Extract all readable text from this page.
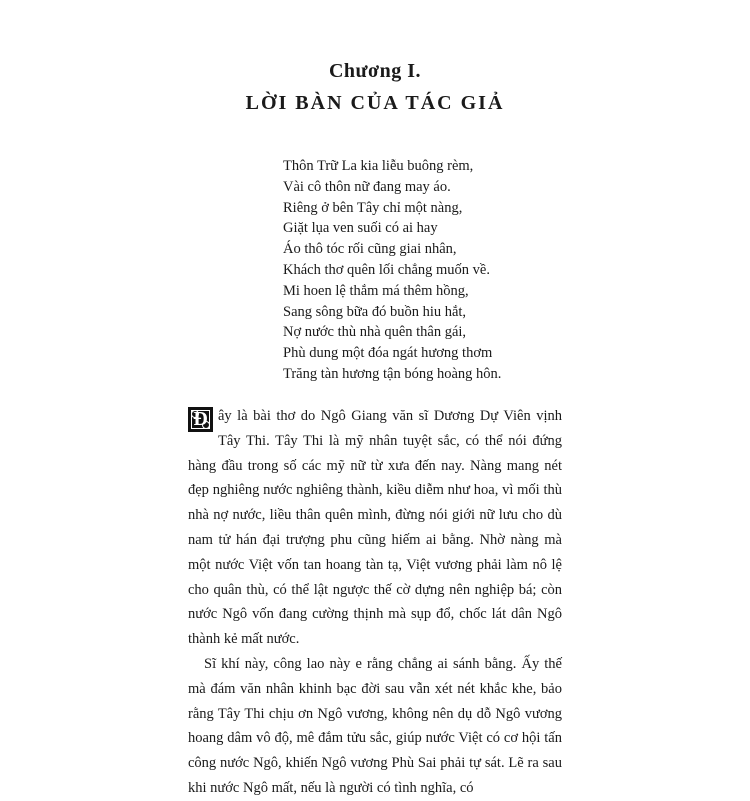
Chương I.
LỜI BÀN CỦA TÁC GIẢ
Thôn Trữ La kia liễu buông rèm,
Vài cô thôn nữ đang may áo.
Riêng ở bên Tây chỉ một nàng,
Giặt lụa ven suối có ai hay
Áo thô tóc rối cũng giai nhân,
Khách thơ quên lối chẳng muốn về.
Mi hoen lệ thắm má thêm hồng,
Sang sông bữa đó buồn hiu hắt,
Nợ nước thù nhà quên thân gái,
Phù dung một đóa ngát hương thơm
Trăng tàn hương tận bóng hoàng hôn.

Đ ây là bài thơ do Ngô Giang văn sĩ Dương Dự Viên vịnh Tây Thi. Tây Thi là mỹ nhân tuyệt sắc, có thể nói đứng hàng đầu trong số các mỹ nữ từ xưa đến nay. Nàng mang nét đẹp nghiêng nước nghiêng thành, kiều diễm như hoa, vì mối thù nhà nợ nước, liều thân quên mình, đừng nói giới nữ lưu cho dù nam tử hán đại trượng phu cũng hiếm ai bằng. Nhờ nàng mà một nước Việt vốn tan hoang tàn tạ, Việt vương phải làm nô lệ cho quân thù, có thể lật ngược thế cờ dựng nên nghiệp bá; còn nước Ngô vốn đang cường thịnh mà sụp đổ, chốc lát dân Ngô thành kẻ mất nước.

Sĩ khí này, công lao này e rằng chẳng ai sánh bằng. Ấy thế mà đám văn nhân khinh bạc đời sau vẫn xét nét khắc khe, bảo rằng Tây Thi chịu ơn Ngô vương, không nên dụ dỗ Ngô vương hoang dâm vô độ, mê đắm tửu sắc, giúp nước Việt có cơ hội tấn công nước Ngô, khiến Ngô vương Phù Sai phải tự sát. Lẽ ra sau khi nước Ngô mất, nếu là người có tình nghĩa, có
